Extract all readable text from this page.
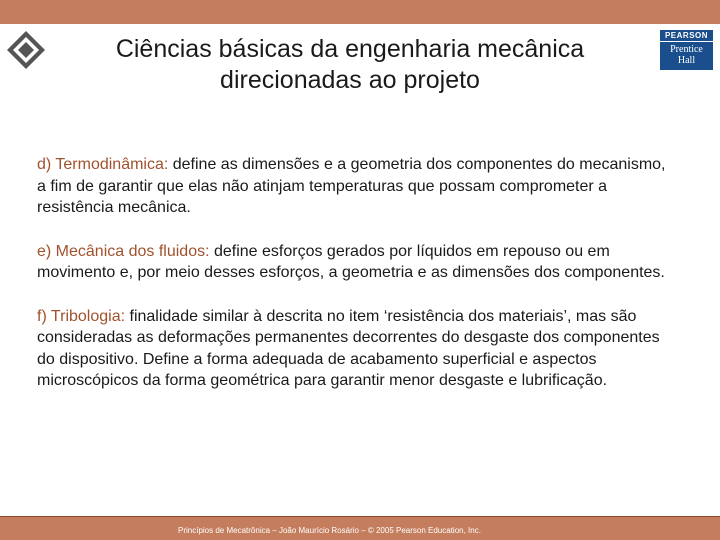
Ciências básicas da engenharia mecânica
direcionadas ao projeto
PEARSON
Prentice
Hall

d) Termodinâmica: define as dimensões e a geometria dos componentes do mecanismo, a fim de garantir que elas não atinjam temperaturas que possam comprometer a resistência mecânica.

e) Mecânica dos fluidos: define esforços gerados por líquidos em repouso ou em movimento e, por meio desses esforços, a geometria e as dimensões dos componentes.

f) Tribologia: finalidade similar à descrita no item ‘resistência dos materiais’, mas são consideradas as deformações permanentes decorrentes do desgaste dos componentes do dispositivo. Define a forma adequada de acabamento superficial e aspectos microscópicos da forma geométrica para garantir menor desgaste e lubrificação.

Princípios de Mecatrônica – João Maurício Rosário – © 2005 Pearson Education, Inc.
